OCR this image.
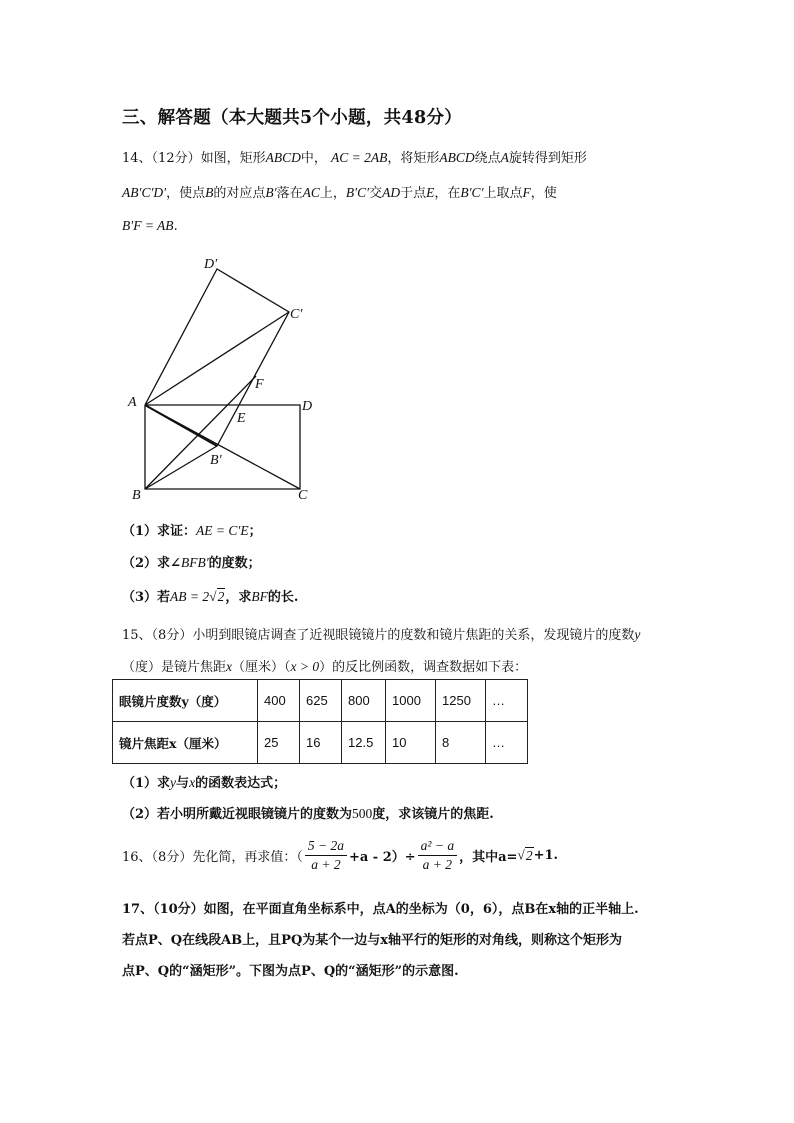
三、解答题（本大题共5个小题，共48分）
14、（12分）如图，矩形ABCD中， AC = 2AB，将矩形ABCD绕点A旋转得到矩形
AB′C′D′，使点B的对应点B′落在AC上，B′C′交AD于点E，在B′C′上取点F，使
B′F = AB.
D′
C′
F
A	D
E
B′
B	C
（1）求证：AE = C′E；
（2）求∠BFB′的度数；
（3）若AB = 2√2，求BF的长.
15、（8分）小明到眼镜店调查了近视眼镜镜片的度数和镜片焦距的关系，发现镜片的度数y
（度）是镜片焦距x（厘米）（x > 0）的反比例函数，调查数据如下表：
眼镜片度数y（度）	400	625	800	1000	1250	…
镜片焦距x（厘米）	25	16	12.5	10	8	…
（1）求y与x的函数表达式；
（2）若小明所戴近视眼镜镜片的度数为500度，求该镜片的焦距.
16、（8分）先化简，再求值：（ $\frac{5 - 2a}{a + 2} +a - 2)\div \frac{\text{a² − a}}{a + 2}$ ，其中a=√2+1.
17、（10分）如图，在平面直角坐标系中，点A的坐标为（0，6），点B在x轴的正半轴上.
若点P、Q在线段AB上，且PQ为某个一边与x轴平行的矩形的对角线，则称这个矩形为
点P、Q的“涵矩形”。下图为点P、Q的“涵矩形”的示意图.
